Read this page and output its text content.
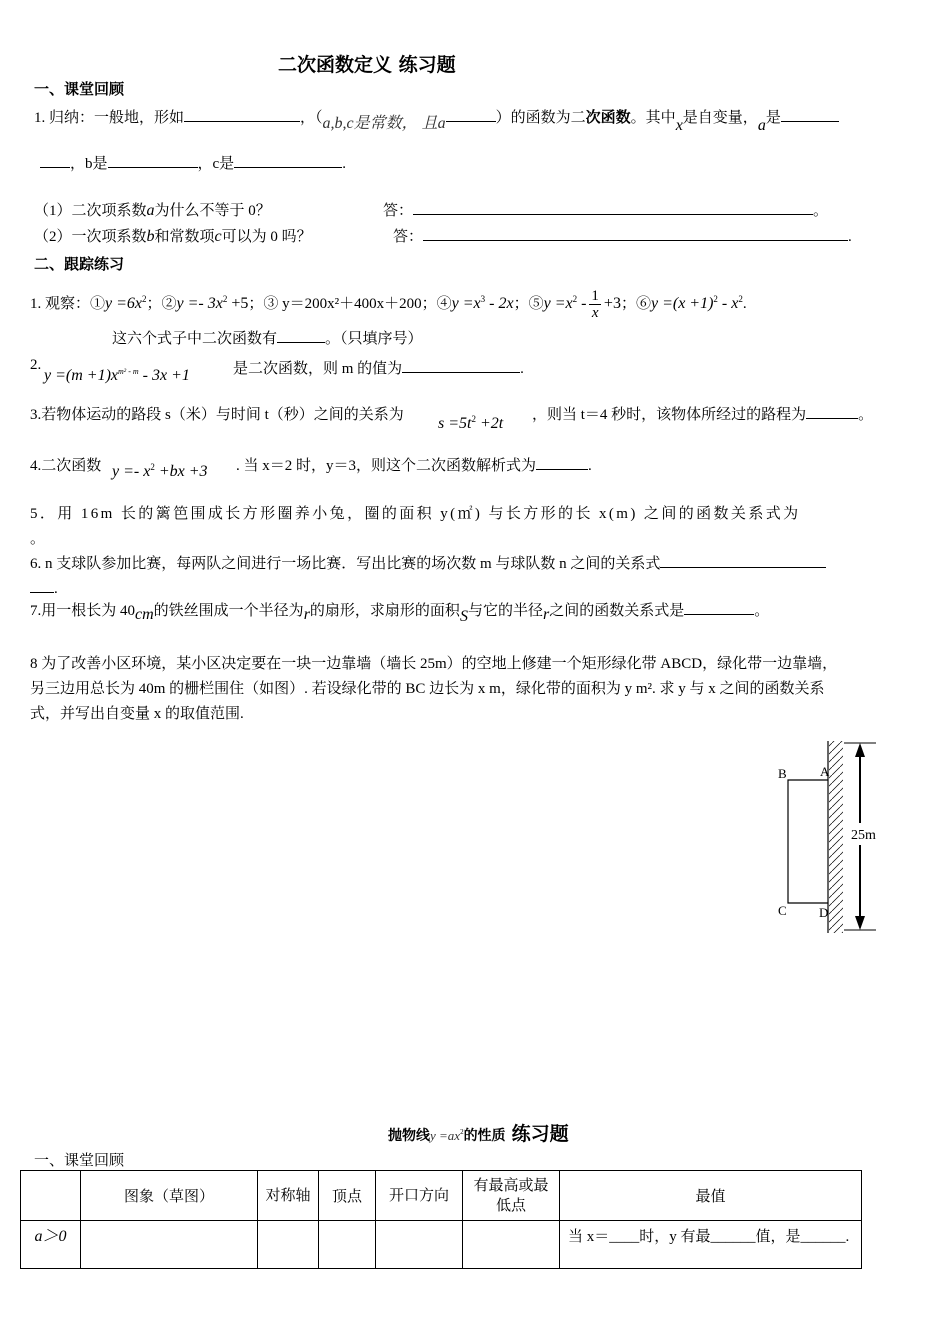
二次函数定义 练习题
一、课堂回顾
1. 归纳：一般地，形如	，（a,b,c是常数， 且a	）的函数为二次函数。其中x是自变量，a是
，b是	，c是	.
（1）二次项系数a为什么不等于 0？	答：	。
（2）一次项系数b和常数项c可以为 0 吗？	答：	.
二、跟踪练习
1. 观察：①y $=6x^2$；②y =- $3x^2 +5$；③ y＝200x²＋400x＋200；④y $=x^3 - 2x$；⑤y $=x^2 - \frac{1}{x} +3$；⑥y $=(x +1)^2 - x^2$.
这六个式子中二次函数有	。（只填序号）
2.
$y =(m +1)x^{m^2 - m} - 3x +1$	是二次函数，则 m 的值为	.
3.若物体运动的路段 s（米）与时间 t（秒）之间的关系为 $s =5t^2 +2t$ ，则当 t＝4 秒时，该物体所经过的路程为	。
4.二次函数 $y =- x^2 +bx +3$ . 当 x＝2 时，y＝3，则这个二次函数解析式为	.
5．用 16m 长的篱笆围成长方形圈养小兔，圈的面积 y(㎡) 与长方形的长 x(m) 之间的函数关系式为
。
6. n 支球队参加比赛，每两队之间进行一场比赛．写出比赛的场次数 m 与球队数 n 之间的关系式
.
7.用一根长为 40cm的铁丝围成一个半径为r的扇形，求扇形的面积S与它的半径r之间的函数关系式是	。
8 为了改善小区环境，某小区决定要在一块一边靠墙（墙长 25m）的空地上修建一个矩形绿化带 ABCD，绿化带一边靠墙，
另三边用总长为 40m 的栅栏围住（如图）. 若设绿化带的 BC 边长为 x m，绿化带的面积为 y m². 求 y 与 x 之间的函数关系
式，并写出自变量 x 的取值范围.
B	A
C D
25m
抛物线$y =ax^2$的性质 练习题
一、课堂回顾
	图象（草图）	对称轴	顶点	开口方向	有最高或最低点	最值
a＞0						当 x＝____时，y 有最______值，是______.
